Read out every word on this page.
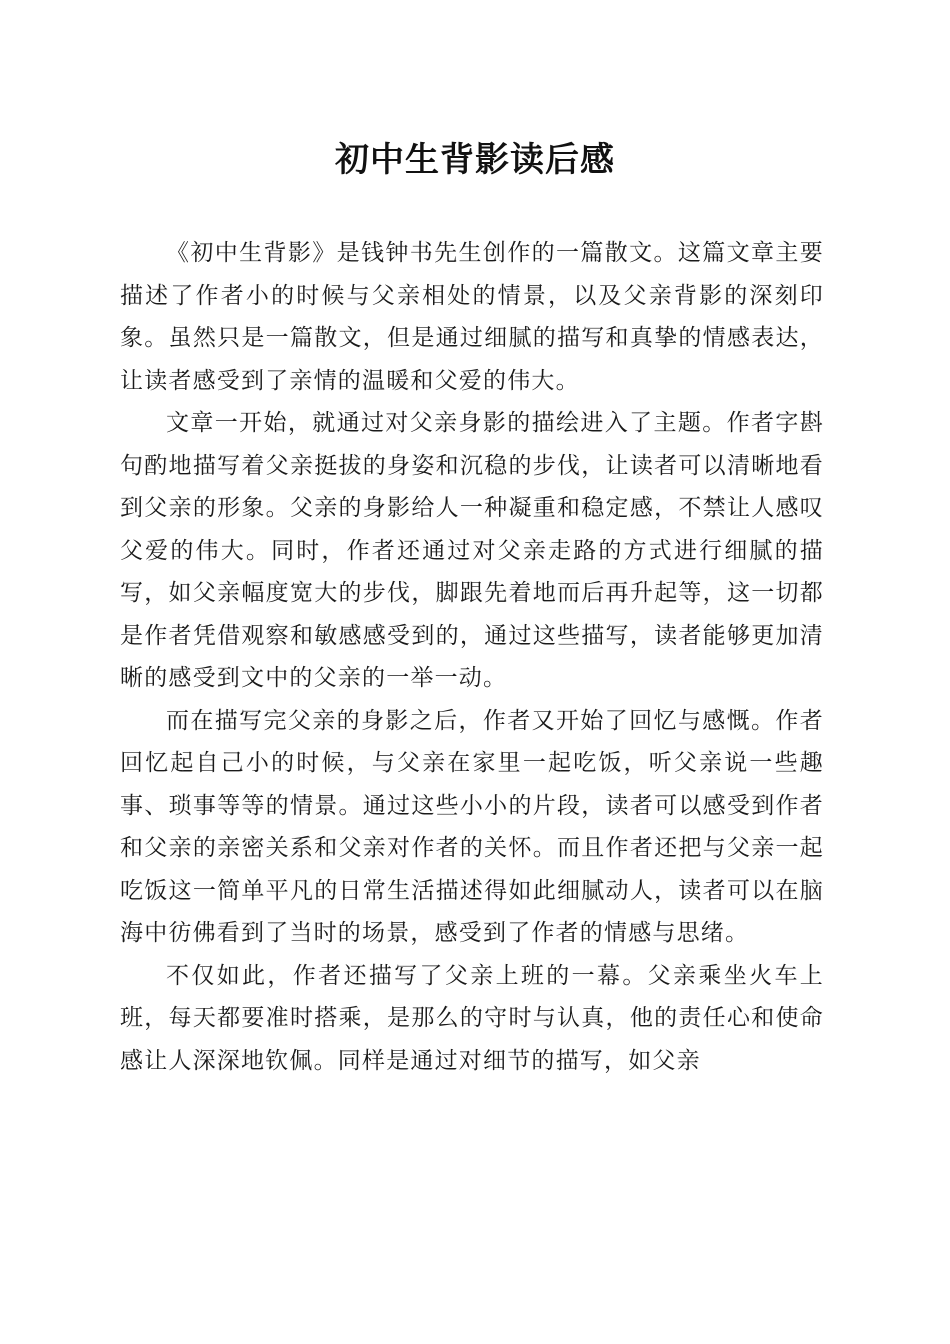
初中生背影读后感

《初中生背影》是钱钟书先生创作的一篇散文。这篇文章主要描述了作者小的时候与父亲相处的情景，以及父亲背影的深刻印象。虽然只是一篇散文，但是通过细腻的描写和真挚的情感表达，让读者感受到了亲情的温暖和父爱的伟大。

文章一开始，就通过对父亲身影的描绘进入了主题。作者字斟句酌地描写着父亲挺拔的身姿和沉稳的步伐，让读者可以清晰地看到父亲的形象。父亲的身影给人一种凝重和稳定感，不禁让人感叹父爱的伟大。同时，作者还通过对父亲走路的方式进行细腻的描写，如父亲幅度宽大的步伐，脚跟先着地而后再升起等，这一切都是作者凭借观察和敏感感受到的，通过这些描写，读者能够更加清晰的感受到文中的父亲的一举一动。

而在描写完父亲的身影之后，作者又开始了回忆与感慨。作者回忆起自己小的时候，与父亲在家里一起吃饭，听父亲说一些趣事、琐事等等的情景。通过这些小小的片段，读者可以感受到作者和父亲的亲密关系和父亲对作者的关怀。而且作者还把与父亲一起吃饭这一简单平凡的日常生活描述得如此细腻动人，读者可以在脑海中彷佛看到了当时的场景，感受到了作者的情感与思绪。

不仅如此，作者还描写了父亲上班的一幕。父亲乘坐火车上班，每天都要准时搭乘，是那么的守时与认真，他的责任心和使命感让人深深地钦佩。同样是通过对细节的描写，如父亲
